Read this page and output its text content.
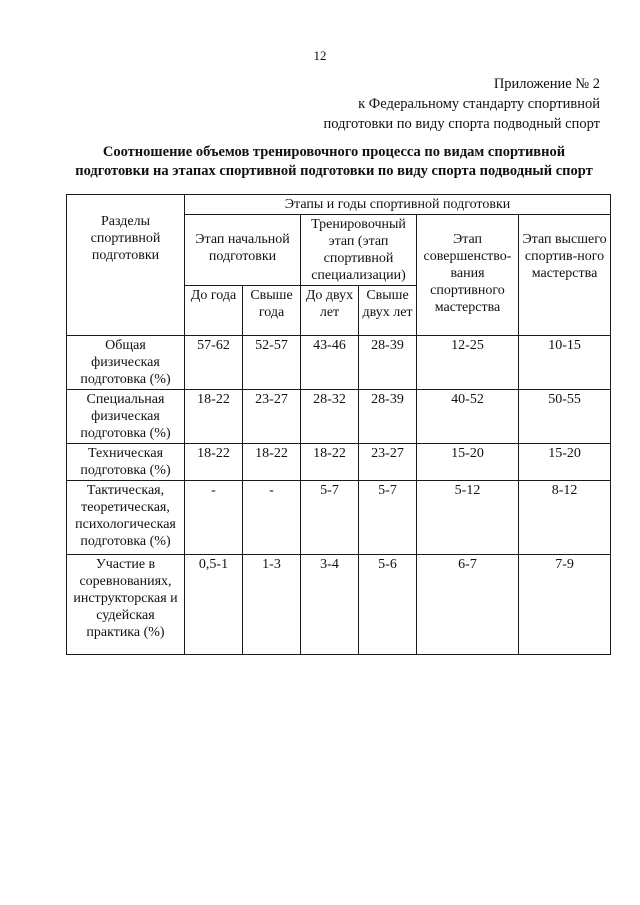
12
Приложение № 2
к Федеральному стандарту спортивной
подготовки по виду спорта подводный спорт
Соотношение объемов тренировочного процесса по видам спортивной
подготовки на этапах спортивной подготовки по виду спорта подводный спорт
Разделы спортивной подготовки	Этапы и годы спортивной подготовки					
	Этап начальной подготовки		Тренировочный этап (этап спортивной специализации)		Этап совершенство-вания спортивного мастерства	Этап высшего спортив-ного мастерства
	До года	Свыше года	До двух лет	Свыше двух лет		
Общая физическая подготовка (%)	57-62	52-57	43-46	28-39	12-25	10-15
Специальная физическая подготовка (%)	18-22	23-27	28-32	28-39	40-52	50-55
Техническая подготовка (%)	18-22	18-22	18-22	23-27	15-20	15-20
Тактическая, теоретическая, психологическая подготовка (%)	-	-	5-7	5-7	5-12	8-12
Участие в соревнованиях, инструкторская и судейская практика (%)	0,5-1	1-3	3-4	5-6	6-7	7-9
